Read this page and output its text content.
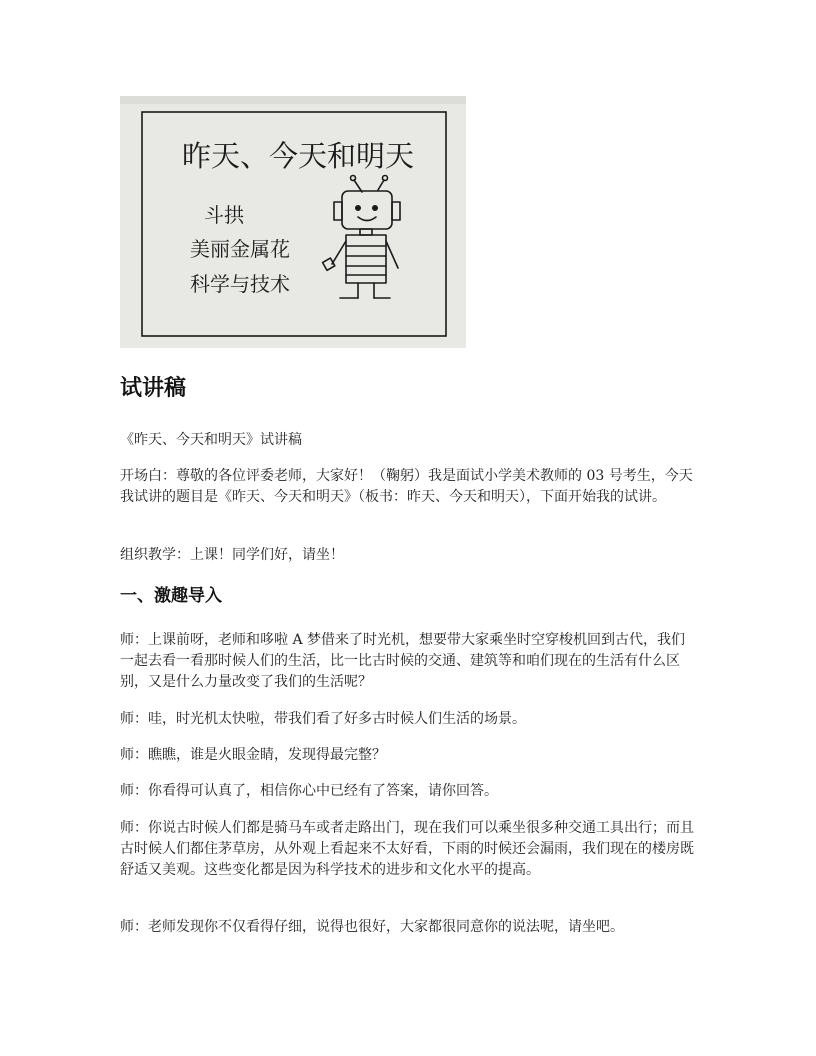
昨天、今天和明天
斗拱
美丽金属花
科学与技术
试讲稿

《昨天、今天和明天》试讲稿

开场白：尊敬的各位评委老师，大家好！（鞠躬）我是面试小学美术教师的 03 号考生，今天我试讲的题目是《昨天、今天和明天》（板书：昨天、今天和明天），下面开始我的试讲。

组织教学：上课！同学们好，请坐！

一、激趣导入

师：上课前呀，老师和哆啦 A 梦借来了时光机，想要带大家乘坐时空穿梭机回到古代，我们一起去看一看那时候人们的生活，比一比古时候的交通、建筑等和咱们现在的生活有什么区别，又是什么力量改变了我们的生活呢？

师：哇，时光机太快啦，带我们看了好多古时候人们生活的场景。

师：瞧瞧，谁是火眼金睛，发现得最完整？

师：你看得可认真了，相信你心中已经有了答案，请你回答。

师：你说古时候人们都是骑马车或者走路出门，现在我们可以乘坐很多种交通工具出行；而且古时候人们都住茅草房，从外观上看起来不太好看，下雨的时候还会漏雨，我们现在的楼房既舒适又美观。这些变化都是因为科学技术的进步和文化水平的提高。

师：老师发现你不仅看得仔细，说得也很好，大家都很同意你的说法呢，请坐吧。
